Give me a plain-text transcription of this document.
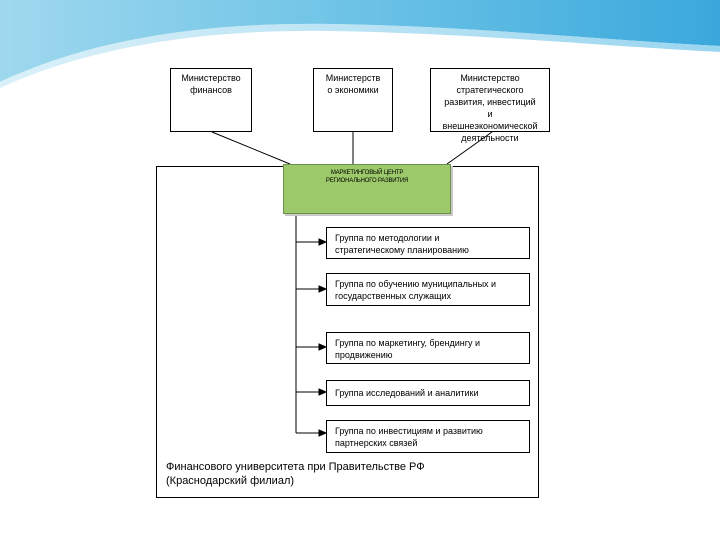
Министерство
финансов
Министерств
о экономики
Министерство
стратегического
развития, инвестиций
и
внешнеэкономической
деятельности
МАРКЕТИНГОВЫЙ ЦЕНТР
РЕГИОНАЛЬНОГО РАЗВИТИЯ
Группа по методологии и
стратегическому планированию
Группа по обучению муниципальных и
государственных служащих
Группа по маркетингу, брендингу и
продвижению
Группа исследований и аналитики
Группа по инвестициям и развитию
партнерских связей
Финансового университета при Правительстве РФ
(Краснодарский филиал)
